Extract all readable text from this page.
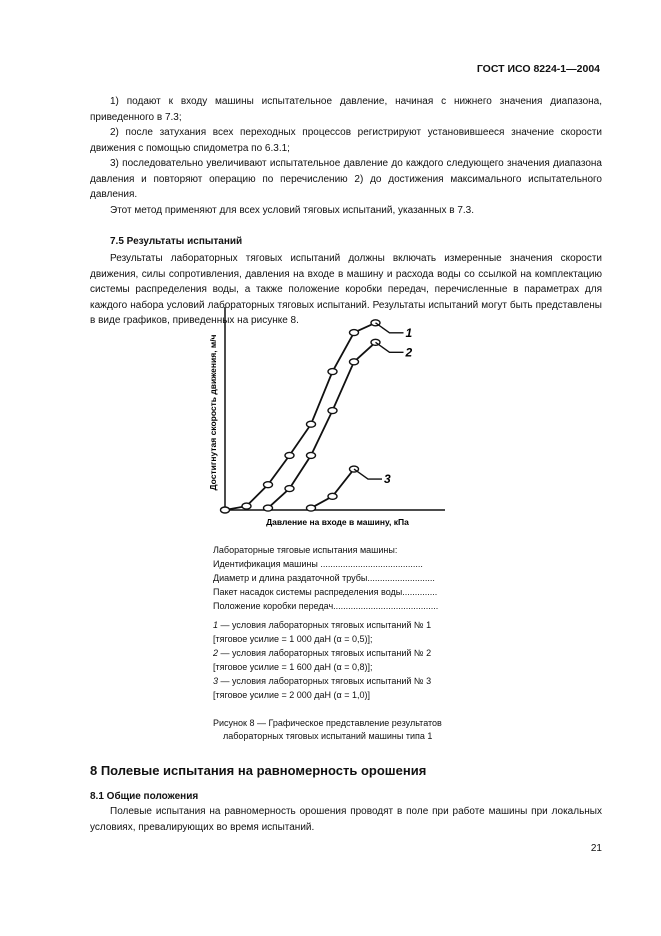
ГОСТ ИСО 8224-1—2004

1) подают к входу машины испытательное давление, начиная с нижнего значения диапазона, приведенного в 7.3;

2) после затухания всех переходных процессов регистрируют установившееся значение скорости движения с помощью спидометра по 6.3.1;

3) последовательно увеличивают испытательное давление до каждого следующего значения диапазона давления и повторяют операцию по перечислению 2) до достижения максимального испытательного давления.

Этот метод применяют для всех условий тяговых испытаний, указанных в 7.3.

7.5 Результаты испытаний

Результаты лабораторных тяговых испытаний должны включать измеренные значения скорости движения, силы сопротивления, давления на входе в машину и расхода воды со ссылкой на комплектацию системы распределения воды, а также положение коробки передач, перечисленные в параметрах для каждого набора условий лабораторных тяговых испытаний. Результаты испытаний могут быть представлены в виде графиков, приведенных на рисунке 8.

1
2
3
Давление на входе в машину, кПа
Достигнутая скорость движения, м/ч
Лабораторные тяговые испытания машины:
Идентификация машины .........................................
Диаметр и длина раздаточной трубы...........................
Пакет насадок системы распределения воды..............
Положение коробки передач..........................................
1 — условия лабораторных тяговых испытаний № 1
[тяговое усилие = 1 000 даН (α = 0,5)];
2 — условия лабораторных тяговых испытаний № 2
[тяговое усилие = 1 600 даН (α = 0,8)];
3 — условия лабораторных тяговых испытаний № 3
[тяговое усилие = 2 000 даН (α = 1,0)]
Рисунок 8 — Графическое представление результатов
лабораторных тяговых испытаний машины типа 1
8 Полевые испытания на равномерность орошения
8.1 Общие положения

Полевые испытания на равномерность орошения проводят в поле при работе машины при локальных условиях, превалирующих во время испытаний.

21
